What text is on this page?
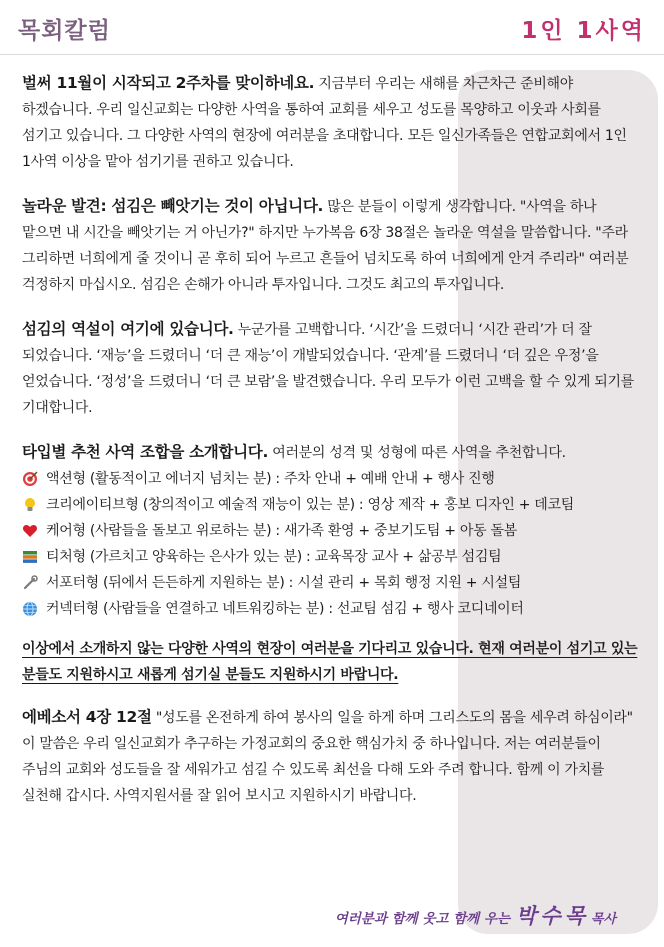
목회칼럼	1인 1사역

벌써 11월이 시작되고 2주차를 맞이하네요. 지금부터 우리는 새해를 차근차근 준비해야 하겠습니다. 우리 일신교회는 다양한 사역을 통하여 교회를 세우고 성도를 목양하고 이웃과 사회를 섬기고 있습니다. 그 다양한 사역의 현장에 여러분을 초대합니다. 모든 일신가족들은 연합교회에서 1인 1사역 이상을 맡아 섬기기를 권하고 있습니다.

놀라운 발견: 섬김은 빼앗기는 것이 아닙니다. 많은 분들이 이렇게 생각합니다. "사역을 하나 맡으면 내 시간을 빼앗기는 거 아닌가?" 하지만 누가복음 6장 38절은 놀라운 역설을 말씀합니다. "주라 그리하면 너희에게 줄 것이니 곧 후히 되어 누르고 흔들어 넘치도록 하여 너희에게 안겨 주리라" 여러분 걱정하지 마십시오. 섬김은 손해가 아니라 투자입니다. 그것도 최고의 투자입니다.

섬김의 역설이 여기에 있습니다. 누군가를 고백합니다. ‘시간’을 드렸더니 ‘시간 관리’가 더 잘 되었습니다. ‘재능’을 드렸더니 ‘더 큰 재능’이 개발되었습니다. ‘관계’를 드렸더니 ‘더 깊은 우정’을 얻었습니다. ‘정성’을 드렸더니 ‘더 큰 보람’을 발견했습니다. 우리 모두가 이런 고백을 할 수 있게 되기를 기대합니다.

타입별 추천 사역 조합을 소개합니다. 여러분의 성격 및 성형에 따른 사역을 추천합니다.

액션형 (활동적이고 에너지 넘치는 분) : 주차 안내 + 예배 안내 + 행사 진행
크리에이티브형 (창의적이고 예술적 재능이 있는 분) : 영상 제작 + 홍보 디자인 + 데코팀
케어형 (사람들을 돌보고 위로하는 분) : 새가족 환영 + 중보기도팀 + 아동 돌봄
티처형 (가르치고 양육하는 은사가 있는 분) : 교육목장 교사 + 삶공부 섬김팀
서포터형 (뒤에서 든든하게 지원하는 분) : 시설 관리 + 목회 행정 지원 + 시설팀
커넥터형 (사람들을 연결하고 네트워킹하는 분) : 선교팀 섬김 + 행사 코디네이터

이상에서 소개하지 않는 다양한 사역의 현장이 여러분을 기다리고 있습니다. 현재 여러분이 섬기고 있는 분들도 지원하시고 새롭게 섬기실 분들도 지원하시기 바랍니다.

에베소서 4장 12절 "성도를 온전하게 하여 봉사의 일을 하게 하며 그리스도의 몸을 세우려 하심이라" 이 말씀은 우리 일신교회가 추구하는 가정교회의 중요한 핵심가치 중 하나입니다. 저는 여러분들이 주님의 교회와 성도들을 잘 세워가고 섬길 수 있도록 최선을 다해 도와 주려 합니다. 함께 이 가치를 실천해 갑시다. 사역지원서를 잘 읽어 보시고 지원하시기 바랍니다.

여러분과 함께 웃고 함께 우는 박수목 목사
